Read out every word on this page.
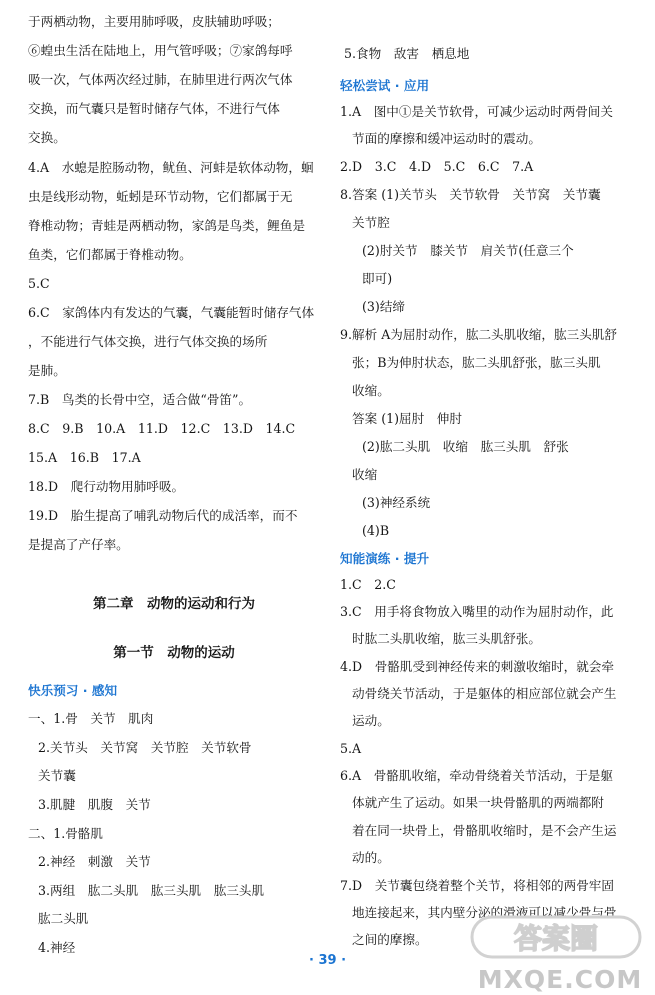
于两栖动物，主要用肺呼吸，皮肤辅助呼吸；
⑥蝗虫生活在陆地上，用气管呼吸；⑦家鸽每呼
吸一次，气体两次经过肺，在肺里进行两次气体
交换，而气囊只是暂时储存气体，不进行气体
交换。
4.A　水螅是腔肠动物，鱿鱼、河蚌是软体动物，蛔
虫是线形动物，蚯蚓是环节动物，它们都属于无
脊椎动物；青蛙是两栖动物，家鸽是鸟类，鲤鱼是
鱼类，它们都属于脊椎动物。
5.C
6.C　家鸽体内有发达的气囊，气囊能暂时储存气体
，不能进行气体交换，进行气体交换的场所
是肺。
7.B　鸟类的长骨中空，适合做“骨笛”。
8.C　9.B　10.A　11.D　12.C　13.D　14.C
15.A　16.B　17.A
18.D　爬行动物用肺呼吸。
19.D　胎生提高了哺乳动物后代的成活率，而不
是提高了产仔率。
第二章　动物的运动和行为
第一节　动物的运动
快乐预习 · 感知
一、1.骨　关节　肌肉
2.关节头　关节窝　关节腔　关节软骨
关节囊
3.肌腱　肌腹　关节
二、1.骨骼肌
2.神经　刺激　关节
3.两组　肱二头肌　肱三头肌　肱三头肌
肱二头肌
4.神经
5.食物　敌害　栖息地
轻松尝试 · 应用
1.A　图中①是关节软骨，可减少运动时两骨间关
节面的摩擦和缓冲运动时的震动。
2.D　3.C　4.D　5.C　6.C　7.A
8.答案 (1)关节头　关节软骨　关节窝　关节囊
关节腔
(2)肘关节　膝关节　肩关节(任意三个
即可)
(3)结缔
9.解析 A为屈肘动作，肱二头肌收缩，肱三头肌舒
张；B为伸肘状态，肱二头肌舒张，肱三头肌
收缩。
答案 (1)屈肘　伸肘
(2)肱二头肌　收缩　肱三头肌　舒张
收缩
(3)神经系统
(4)B
知能演练 · 提升
1.C　2.C
3.C　用手将食物放入嘴里的动作为屈肘动作，此
时肱二头肌收缩，肱三头肌舒张。
4.D　骨骼肌受到神经传来的刺激收缩时，就会牵
动骨绕关节活动，于是躯体的相应部位就会产生
运动。
5.A
6.A　骨骼肌收缩，牵动骨绕着关节活动，于是躯
体就产生了运动。如果一块骨骼肌的两端都附
着在同一块骨上，骨骼肌收缩时，是不会产生运
动的。
7.D　关节囊包绕着整个关节，将相邻的两骨牢固
地连接起来，其内壁分泌的滑液可以减少骨与骨
之间的摩擦。
· 39 ·
答案圈
MXQE.COM
